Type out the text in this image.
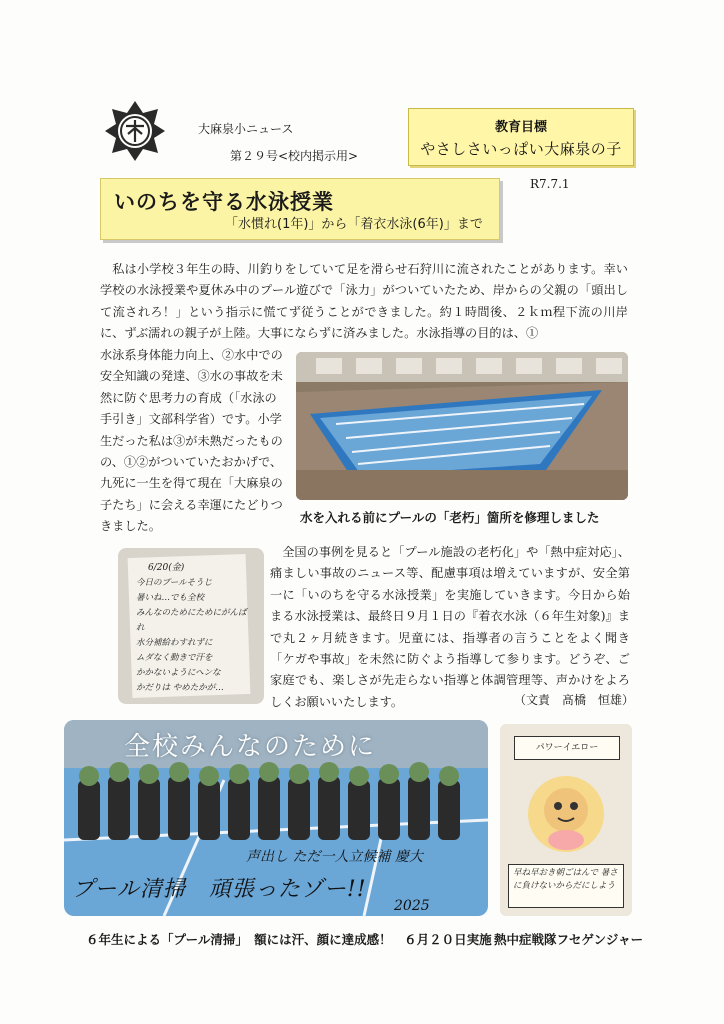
大麻泉小ニュース
第２９号<校内掲示用>
教育目標
やさしさいっぱい大麻泉の子
R7.7.1
いのちを守る水泳授業
「水慣れ(1年)」から「着衣水泳(6年)」まで
私は小学校３年生の時、川釣りをしていて足を滑らせ石狩川に流されたことがあります。幸い学校の水泳授業や夏休み中のプール遊びで「泳力」がついていたため、岸からの父親の「頭出して流されろ！」という指示に慌てず従うことができました。約１時間後、２ｋｍ程下流の川岸に、ずぶ濡れの親子が上陸。大事にならずに済みました。水泳指導の目的は、①
水泳系身体能力向上、②水中での安全知識の発達、③水の事故を未然に防ぐ思考力の育成（「水泳の手引き」文部科学省）です。小学生だった私は③が未熟だったものの、①②がついていたおかげで、九死に一生を得て現在「大麻泉の子たち」に会える幸運にたどりつきました。
水を入れる前にプールの「老朽」箇所を修理しました
6/20(金)
今日のプールそうじ
暑いね…でも全校
みんなのためにためにがんばれ
水分補給わすれずに
ムダなく動きで汗を
かかないようにへンな
かだりは やめたかが…
全国の事例を見ると「プール施設の老朽化」や「熱中症対応」、痛ましい事故のニュース等、配慮事項は増えていますが、安全第一に「いのちを守る水泳授業」を実施していきます。今日から始まる水泳授業は、最終日９月１日の『着衣水泳（６年生対象)』まで丸２ヶ月続きます。児童には、指導者の言うことをよく聞き「ケガや事故」を未然に防ぐよう指導して参ります。どうぞ、ご家庭でも、楽しさが先走らない指導と体調管理等、声かけをよろしくお願いいたします。	（文責　髙橋　恒雄）
全校みんなのために
声出し ただ一人立候補 慶大
プール清掃　頑張ったゾー!!
2025
パワーイエロー
早ね早おき朝ごはんで 暑さに負けないからだにしよう
６年生による「プール清掃」　額には汗、顔に達成感！　６月２０日実施 熱中症戦隊フセゲンジャー
